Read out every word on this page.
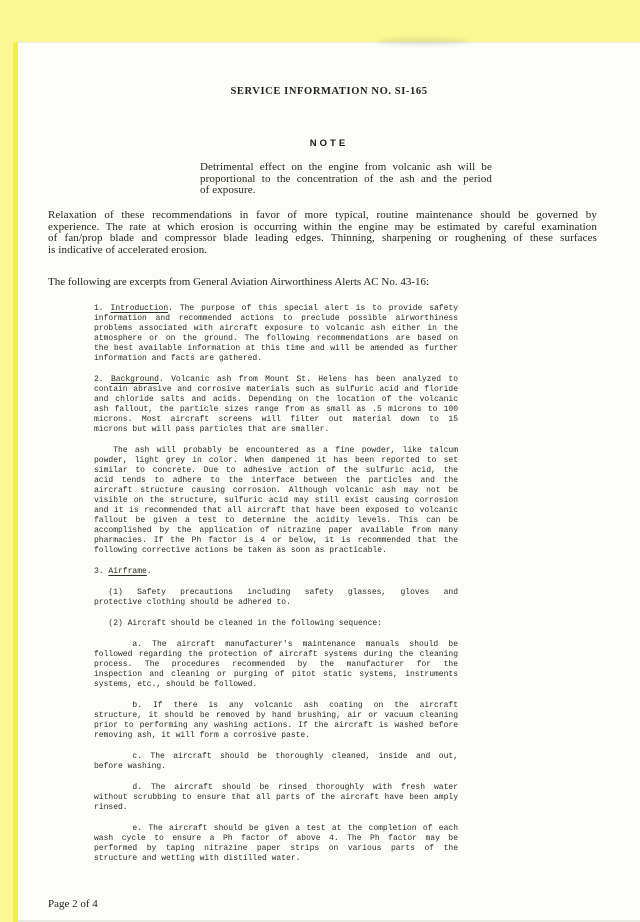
SERVICE INFORMATION NO. SI-165
NOTE
Detrimental effect on the engine from volcanic ash will be
proportional to the concentration of the ash and the period
of exposure.
Relaxation of these recommendations in favor of more typical, routine maintenance should be governed by
experience. The rate at which erosion is occurring within the engine may be estimated by careful examination
of fan/prop blade and compressor blade leading edges. Thinning, sharpening or roughening of these surfaces
is indicative of accelerated erosion.
The following are excerpts from General Aviation Airworthiness Alerts AC No. 43-16:
1. Introduction. The purpose of this special alert is to provide safety
information and recommended actions to preclude possible airworthiness
problems associated with aircraft exposure to volcanic ash either in the
atmosphere or on the ground. The following recommendations are based on
the best available information at this time and will be amended as further
information and facts are gathered.
2. Background. Volcanic ash from Mount St. Helens has been analyzed to
contain abrasive and corrosive materials such as sulfuric acid and floride
and chloride salts and acids. Depending on the location of the volcanic
ash fallout, the particle sizes range from as small as .5 microns to 100
microns. Most aircraft screens will filter out material down to 15
microns but will pass particles that are smaller.
The ash will probably be encountered as a fine powder, like talcum
powder, light grey in color. When dampened it has been reported to set
similar to concrete. Due to adhesive action of the sulfuric acid, the
acid tends to adhere to the interface between the particles and the
aircraft structure causing corrosion. Although volcanic ash may not be
visible on the structure, sulfuric acid may still exist causing corrosion
and it is recommended that all aircraft that have been exposed to volcanic
fallout be given a test to determine the acidity levels. This can be
accomplished by the application of nitrazine paper available from many
pharmacies. If the Ph factor is 4 or below, it is recommended that the
following corrective actions be taken as soon as practicable.
3. Airframe.
(1) Safety precautions including safety glasses, gloves and
protective clothing should be adhered to.
(2) Aircraft should be cleaned in the following sequence:
a. The aircraft manufacturer's maintenance manuals should be
followed regarding the protection of aircraft systems during the cleaning
process. The procedures recommended by the manufacturer for the
inspection and cleaning or purging of pitot static systems, instruments
systems, etc., should be followed.
b. If there is any volcanic ash coating on the aircraft
structure, it should be removed by hand brushing, air or vacuum cleaning
prior to performing any washing actions. If the aircraft is washed before
removing ash, it will form a corrosive paste.
c. The aircraft should be thoroughly cleaned, inside and out,
before washing.
d. The aircraft should be rinsed thoroughly with fresh water
without scrubbing to ensure that all parts of the aircraft have been amply
rinsed.
e. The aircraft should be given a test at the completion of each
wash cycle to ensure a Ph factor of above 4. The Ph factor may be
performed by taping nitrazine paper strips on various parts of the
structure and wetting with distilled water.
Page 2 of 4
